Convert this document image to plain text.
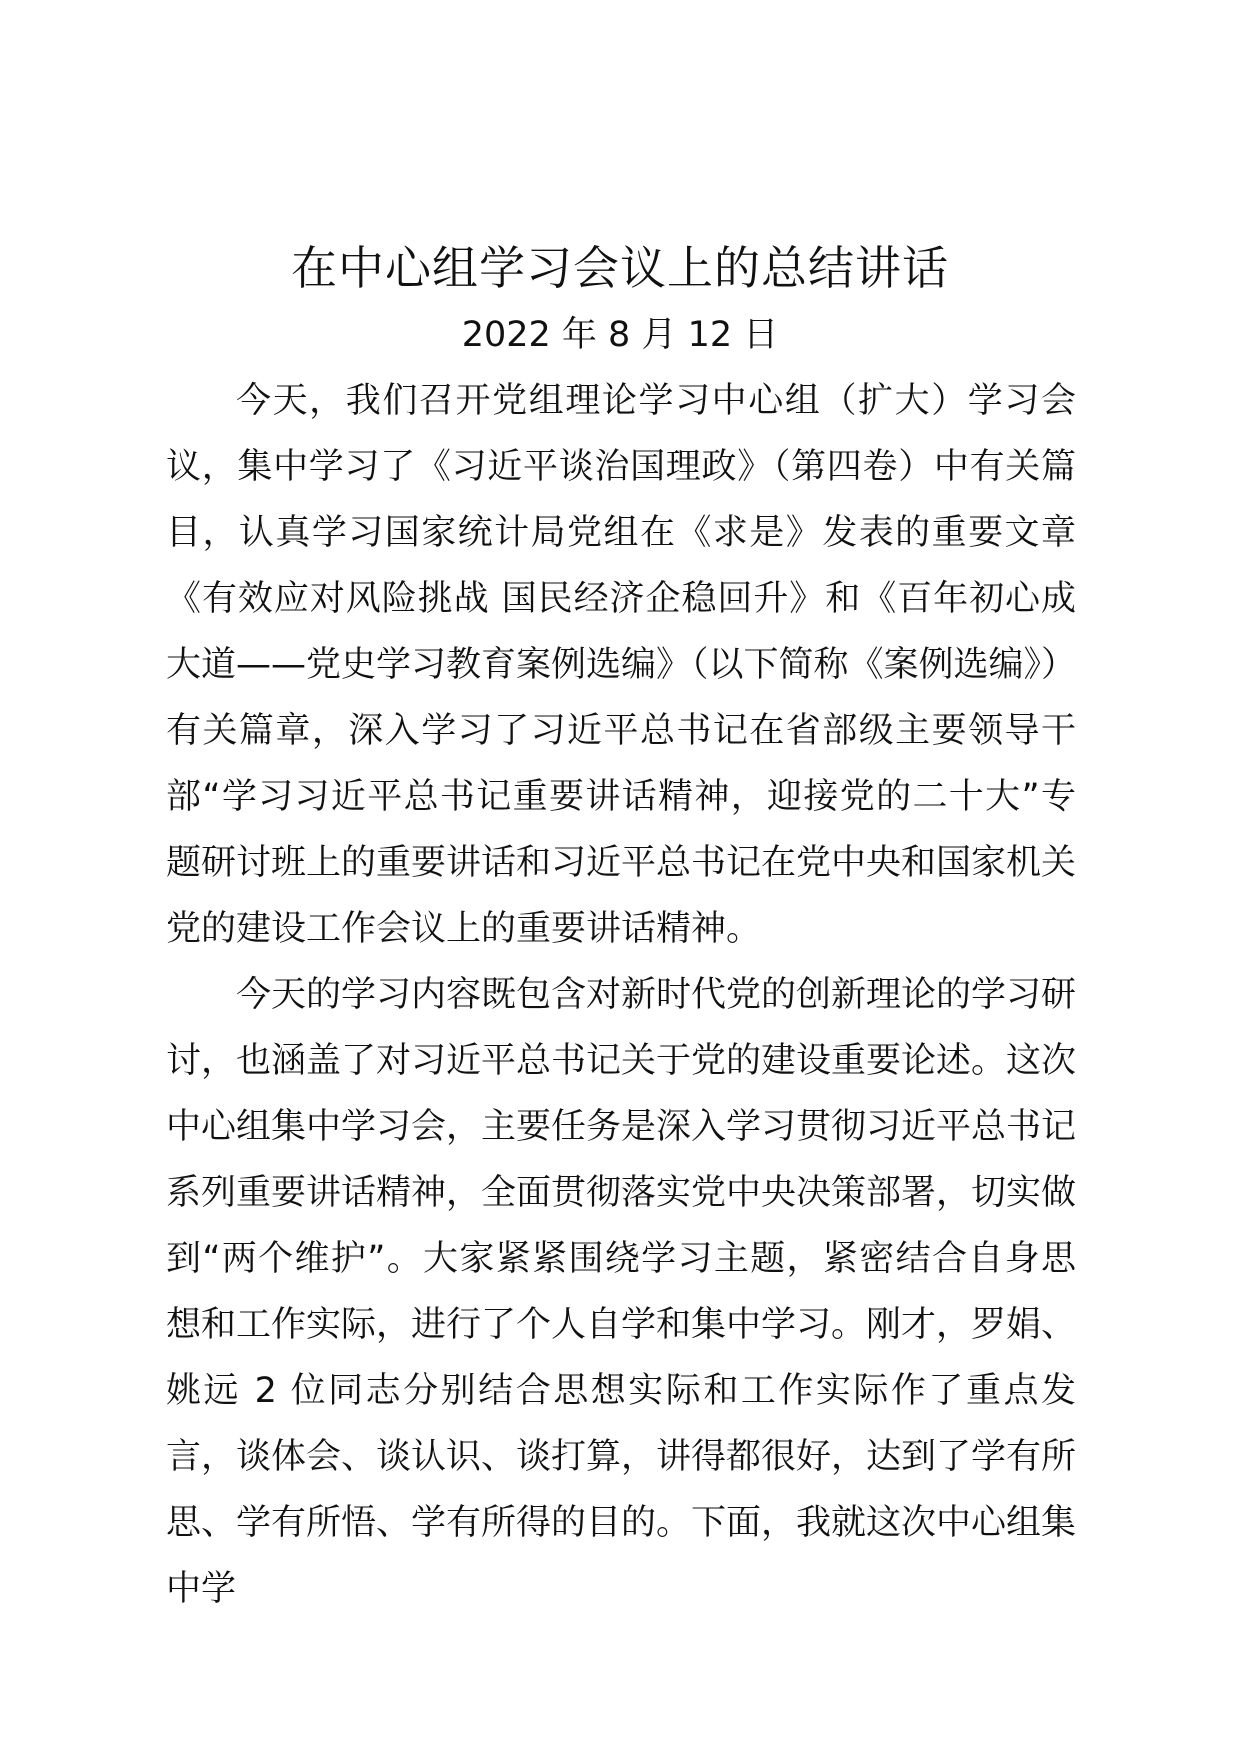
在中心组学习会议上的总结讲话
2022 年 8 月 12 日

今天，我们召开党组理论学习中心组（扩大）学习会议，集中学习了《习近平谈治国理政》（第四卷）中有关篇目，认真学习国家统计局党组在《求是》发表的重要文章《有效应对风险挑战 国民经济企稳回升》和《百年初心成大道——党史学习教育案例选编》（以下简称《案例选编》）有关篇章，深入学习了习近平总书记在省部级主要领导干部“学习习近平总书记重要讲话精神，迎接党的二十大”专题研讨班上的重要讲话和习近平总书记在党中央和国家机关党的建设工作会议上的重要讲话精神。

今天的学习内容既包含对新时代党的创新理论的学习研讨，也涵盖了对习近平总书记关于党的建设重要论述。这次中心组集中学习会，主要任务是深入学习贯彻习近平总书记系列重要讲话精神，全面贯彻落实党中央决策部署，切实做到“两个维护”。大家紧紧围绕学习主题，紧密结合自身思想和工作实际，进行了个人自学和集中学习。刚才，罗娟、姚远 2 位同志分别结合思想实际和工作实际作了重点发言，谈体会、谈认识、谈打算，讲得都很好，达到了学有所思、学有所悟、学有所得的目的。下面，我就这次中心组集中学
